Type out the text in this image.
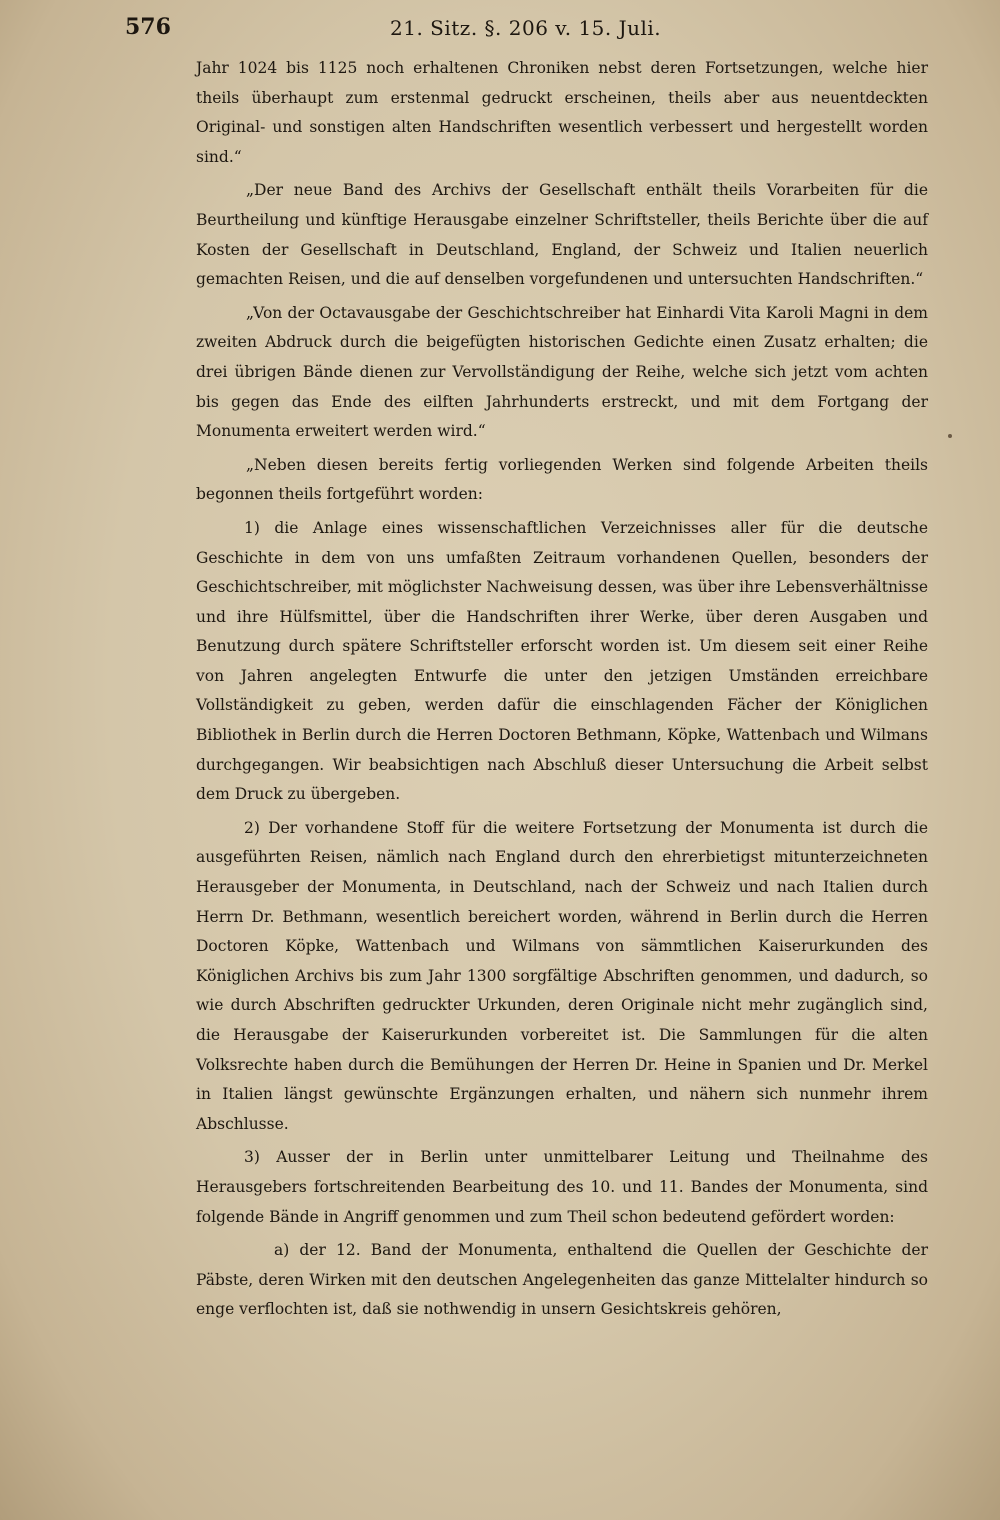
576	21. Sitz. §. 206 v. 15. Juli.

Jahr 1024 bis 1125 noch erhaltenen Chroniken nebst deren Fortsetzungen, welche hier theils überhaupt zum erstenmal gedruckt erscheinen, theils aber aus neuentdeckten Original- und sonstigen alten Handschriften wesentlich verbessert und hergestellt worden sind.“

„Der neue Band des Archivs der Gesellschaft enthält theils Vorarbeiten für die Beurtheilung und künftige Herausgabe einzelner Schriftsteller, theils Berichte über die auf Kosten der Gesellschaft in Deutschland, England, der Schweiz und Italien neuerlich gemachten Reisen, und die auf denselben vorgefundenen und untersuchten Handschriften.“

„Von der Octavausgabe der Geschichtschreiber hat Einhardi Vita Karoli Magni in dem zweiten Abdruck durch die beigefügten historischen Gedichte einen Zusatz erhalten; die drei übrigen Bände dienen zur Vervollständigung der Reihe, welche sich jetzt vom achten bis gegen das Ende des eilften Jahrhunderts erstreckt, und mit dem Fortgang der Monumenta erweitert werden wird.“

„Neben diesen bereits fertig vorliegenden Werken sind folgende Arbeiten theils begonnen theils fortgeführt worden:

1) die Anlage eines wissenschaftlichen Verzeichnisses aller für die deutsche Geschichte in dem von uns umfaßten Zeitraum vorhandenen Quellen, besonders der Geschichtschreiber, mit möglichster Nachweisung dessen, was über ihre Lebensverhältnisse und ihre Hülfsmittel, über die Handschriften ihrer Werke, über deren Ausgaben und Benutzung durch spätere Schriftsteller erforscht worden ist. Um diesem seit einer Reihe von Jahren angelegten Entwurfe die unter den jetzigen Umständen erreichbare Vollständigkeit zu geben, werden dafür die einschlagenden Fächer der Königlichen Bibliothek in Berlin durch die Herren Doctoren Bethmann, Köpke, Wattenbach und Wilmans durchgegangen. Wir beabsichtigen nach Abschluß dieser Untersuchung die Arbeit selbst dem Druck zu übergeben.

2) Der vorhandene Stoff für die weitere Fortsetzung der Monumenta ist durch die ausgeführten Reisen, nämlich nach England durch den ehrerbietigst mitunterzeichneten Herausgeber der Monumenta, in Deutschland, nach der Schweiz und nach Italien durch Herrn Dr. Bethmann, wesentlich bereichert worden, während in Berlin durch die Herren Doctoren Köpke, Wattenbach und Wilmans von sämmtlichen Kaiserurkunden des Königlichen Archivs bis zum Jahr 1300 sorgfältige Abschriften genommen, und dadurch, so wie durch Abschriften gedruckter Urkunden, deren Originale nicht mehr zugänglich sind, die Herausgabe der Kaiserurkunden vorbereitet ist. Die Sammlungen für die alten Volksrechte haben durch die Bemühungen der Herren Dr. Heine in Spanien und Dr. Merkel in Italien längst gewünschte Ergänzungen erhalten, und nähern sich nunmehr ihrem Abschlusse.

3) Ausser der in Berlin unter unmittelbarer Leitung und Theilnahme des Herausgebers fortschreitenden Bearbeitung des 10. und 11. Bandes der Monumenta, sind folgende Bände in Angriff genommen und zum Theil schon bedeutend gefördert worden:

a) der 12. Band der Monumenta, enthaltend die Quellen der Geschichte der Päbste, deren Wirken mit den deutschen Angelegenheiten das ganze Mittelalter hindurch so enge verflochten ist, daß sie nothwendig in unsern Gesichtskreis gehören,
